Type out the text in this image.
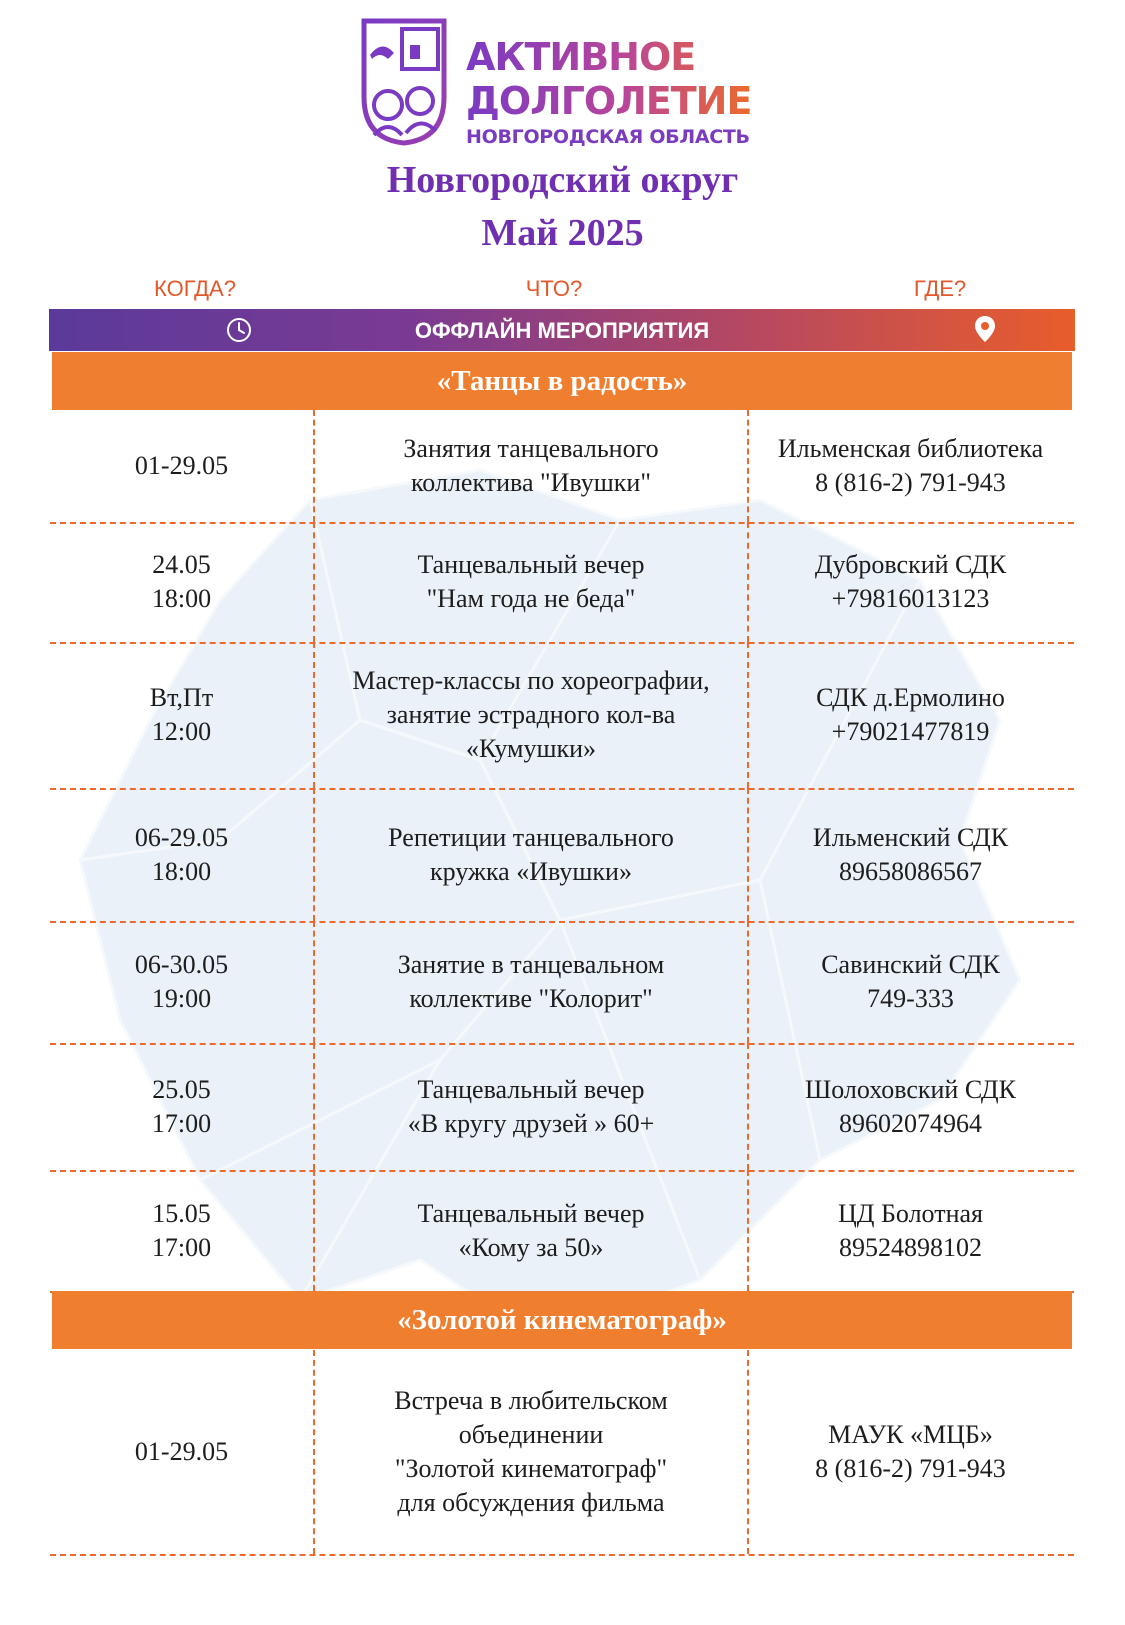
АКТИВНОЕ
ДОЛГОЛЕТИЕ
НОВГОРОДСКАЯ ОБЛАСТЬ
Новгородский округ
Май 2025
КОГДА?	ЧТО?	ГДЕ?
ОФФЛАЙН МЕРОПРИЯТИЯ
«Танцы в радость»
01-29.05
Занятия танцевального
коллектива "Ивушки"
Ильменская библиотека
8 (816-2) 791-943
24.05
18:00
Танцевальный вечер
"Нам года не беда"
Дубровский СДК
+79816013123
Вт,Пт
12:00
Мастер-классы по хореографии,
занятие эстрадного кол-ва
«Кумушки»
СДК д.Ермолино
+79021477819
06-29.05
18:00
Репетиции танцевального
кружка «Ивушки»
Ильменский СДК
89658086567
06-30.05
19:00
Занятие в танцевальном
коллективе "Колорит"
Савинский СДК
749-333
25.05
17:00
Танцевальный вечер
«В кругу друзей » 60+
Шолоховский СДК
89602074964
15.05
17:00
Танцевальный вечер
«Кому за 50»
ЦД Болотная
89524898102
«Золотой кинематограф»
01-29.05
Встреча в любительском
объединении
"Золотой кинематограф"
для обсуждения фильма
МАУК «МЦБ»
8 (816-2) 791-943
